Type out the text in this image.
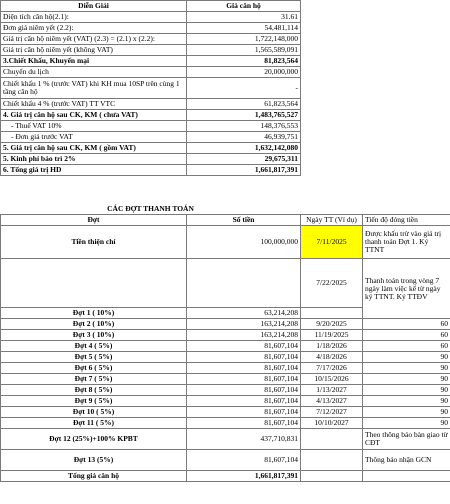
Diễn Giải	Giá căn hộ
Diện tích căn hộ(2.1):	31.61
Đơn giá niêm yết (2.2):	54,481,114
Giá trị căn hộ niêm yết (VAT) (2.3) = (2.1) x (2.2):	1,722,148,000
Giá trị căn hộ niêm yết (không VAT)	1,565,589,091
3.Chiết Khấu, Khuyến mại	81,823,564
Chuyển du lịch	20,000,000
Chiết khấu 1 % (trước VAT) khi KH mua 10SP trên cùng 1 tầng căn hộ	-
Chiết khấu 4 % (trước VAT) TT VTC	61,823,564
4. Giá trị căn hộ sau CK, KM ( chưa VAT)	1,483,765,527
- Thuế VAT 10%	148,376,553
- Đơn giá trước VAT	46,939,751
5. Giá trị căn hộ sau CK, KM ( gồm VAT)	1,632,142,080
5. Kinh phí bảo trì 2%	29,675,311
6. Tổng giá trị HD	1,661,817,391
CÁC ĐỢT THANH TOÁN			
Đợt	Số tiền	Ngày TT (Ví dụ)	Tiến độ đóng tiền
Tiền thiện chí	100,000,000	7/11/2025	Được khấu trừ vào giá trị thanh toán Đợt 1. Ký TTNT
		7/22/2025	Thanh toán trong vòng 7 ngày làm việc kể từ ngày ký TTNT. Ký TTĐV
Đợt 1 ( 10%)	63,214,208		
Đợt 2 ( 10%)	163,214,208	9/20/2025	60
Đợt 3 ( 10%)	163,214,208	11/19/2025	60
Đợt 4 ( 5%)	81,607,104	1/18/2026	60
Đợt 5 ( 5%)	81,607,104	4/18/2026	90
Đợt 6 ( 5%)	81,607,104	7/17/2026	90
Đợt 7 ( 5%)	81,607,104	10/15/2026	90
Đợt 8 ( 5%)	81,607,104	1/13/2027	90
Đợt 9 ( 5%)	81,607,104	4/13/2027	90
Đợt 10 ( 5%)	81,607,104	7/12/2027	90
Đợt 11 ( 5%)	81,607,104	10/10/2027	90
Đợt 12 (25%)+100% KPBT	437,710,831		Theo thông báo bàn giao từ CĐT
Đợt 13 (5%)	81,607,104		Thông báo nhận GCN
Tổng giá căn hộ	1,661,817,391		
